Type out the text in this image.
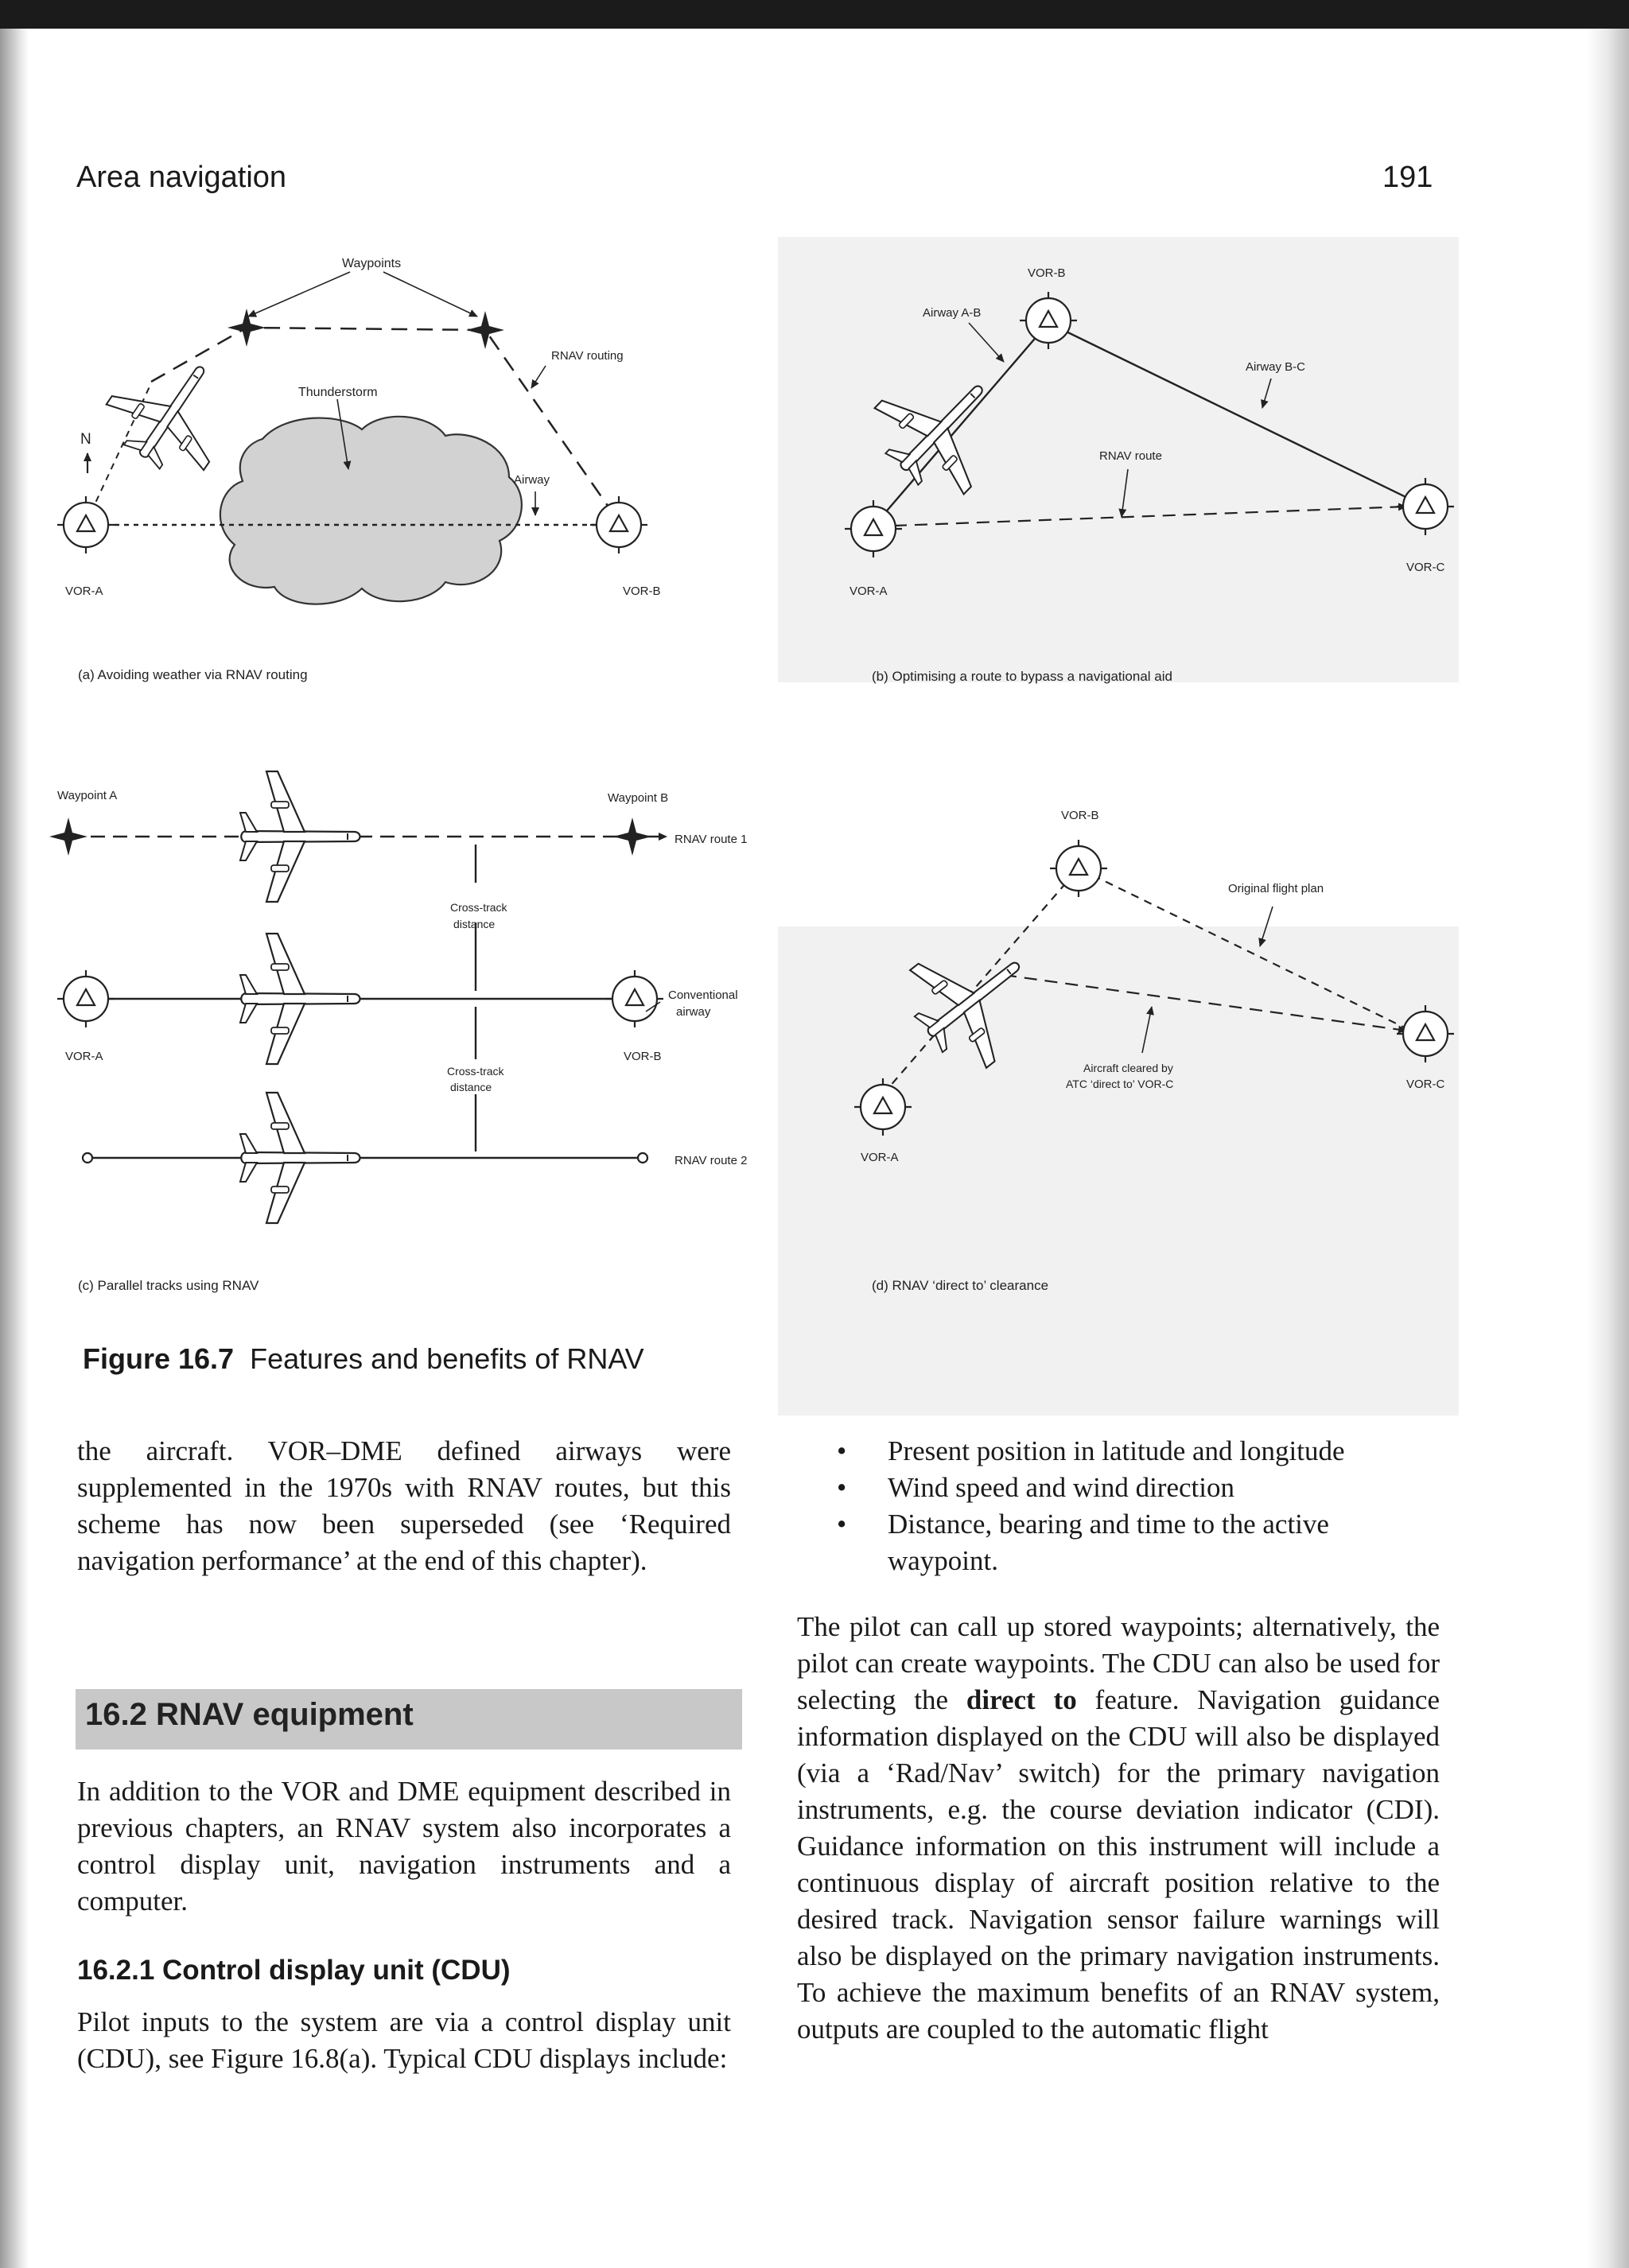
Area navigation	191
Waypoints
RNAV routing
Thunderstorm
N
Airway
VOR-A	VOR-B
(a) Avoiding weather via RNAV routing
VOR-B
Airway A-B
Airway B-C
RNAV route
VOR-A
VOR-C
(b) Optimising a route to bypass a navigational aid
Waypoint A	Waypoint B
RNAV route 1
Cross-track
distance
Conventional
airway
VOR-A	VOR-B
Cross-track
distance
RNAV route 2
(c) Parallel tracks using RNAV
VOR-B
Original flight plan
Aircraft cleared by
ATC ‘direct to’ VOR-C
VOR-A
VOR-C
(d) RNAV ‘direct to’ clearance
Figure 16.7 Features and benefits of RNAV

the aircraft. VOR–DME defined airways were supplemented in the 1970s with RNAV routes, but this scheme has now been superseded (see ‘Required navigation performance’ at the end of this chapter).

16.2 RNAV equipment

In addition to the VOR and DME equipment described in previous chapters, an RNAV system also incorporates a control display unit, navigation instruments and a computer.

16.2.1 Control display unit (CDU)

Pilot inputs to the system are via a control display unit (CDU), see Figure 16.8(a). Typical CDU displays include:

• Present position in latitude and longitude
• Wind speed and wind direction
• Distance, bearing and time to the active waypoint.

The pilot can call up stored waypoints; alternatively, the pilot can create waypoints. The CDU can also be used for selecting the direct to feature. Navigation guidance information displayed on the CDU will also be displayed (via a ‘Rad/Nav’ switch) for the primary navigation instruments, e.g. the course deviation indicator (CDI). Guidance information on this instrument will include a continuous display of aircraft position relative to the desired track. Navigation sensor failure warnings will also be displayed on the primary navigation instruments. To achieve the maximum benefits of an RNAV system, outputs are coupled to the automatic flight
